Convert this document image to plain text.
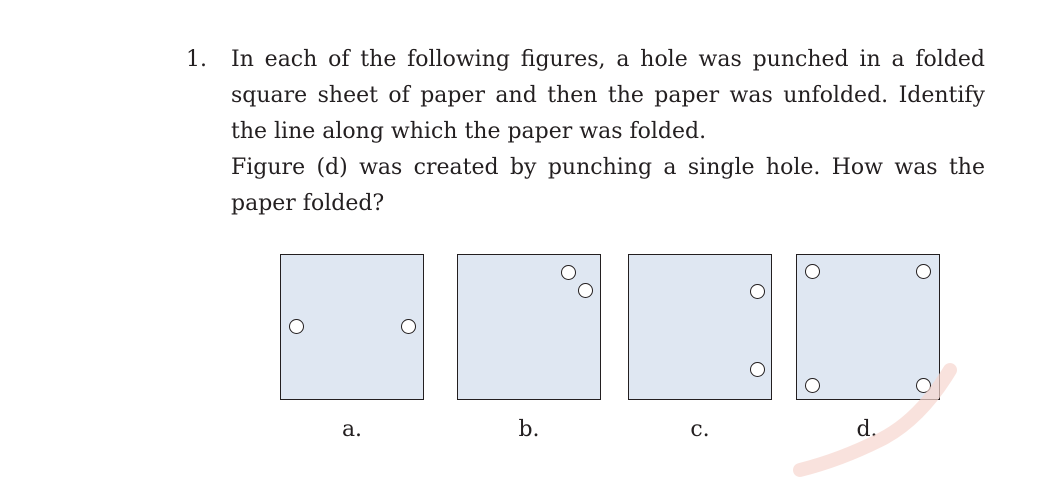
1. In each of the following figures, a hole was punched in a folded square sheet of paper and then the paper was unfolded. Identify the line along which the paper was folded.

Figure (d) was created by punching a single hole. How was the paper folded?

a.	b.	c.	d.
